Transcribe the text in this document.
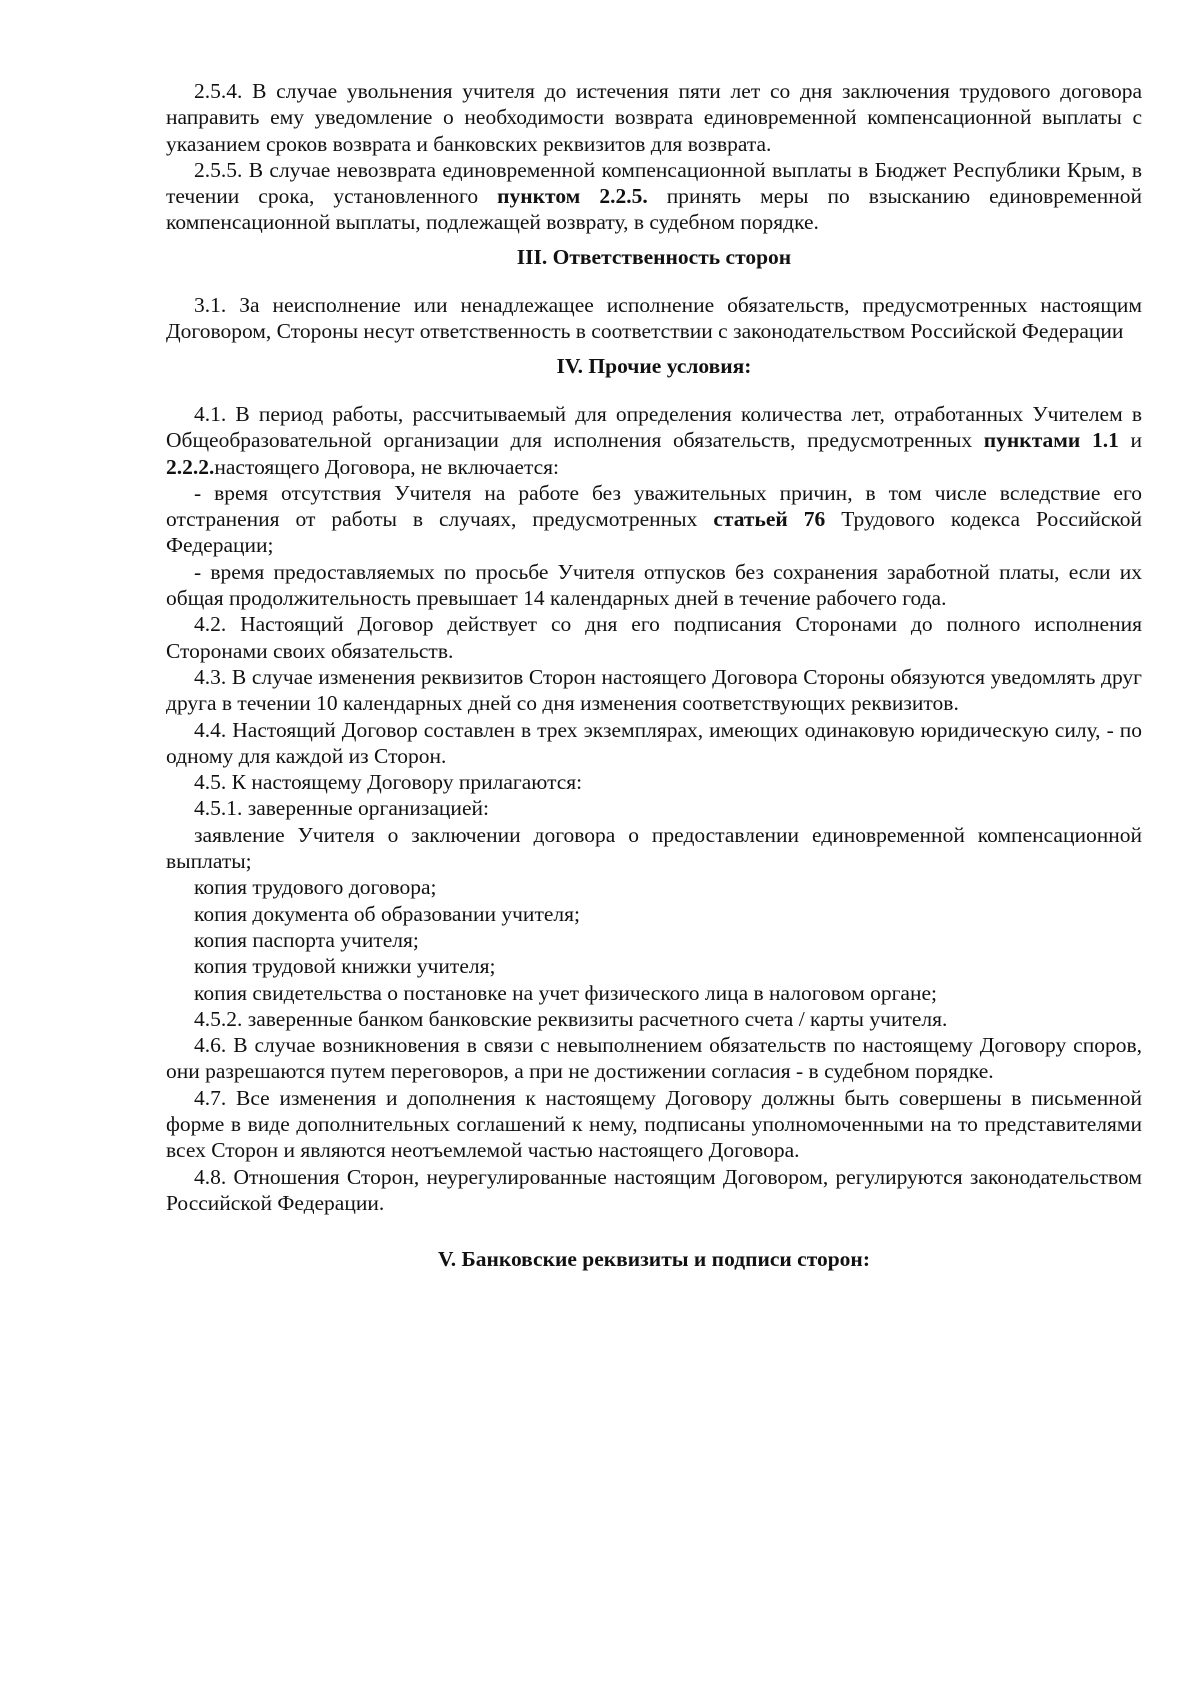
2.5.4. В случае увольнения учителя до истечения пяти лет со дня заключения трудового договора направить ему уведомление о необходимости возврата единовременной компенсационной выплаты с указанием сроков возврата и банковских реквизитов для возврата.

2.5.5. В случае невозврата единовременной компенсационной выплаты в Бюджет Республики Крым, в течении срока, установленного пунктом 2.2.5. принять меры по взысканию единовременной компенсационной выплаты, подлежащей возврату, в судебном порядке.

III. Ответственность сторон

3.1. За неисполнение или ненадлежащее исполнение обязательств, предусмотренных настоящим Договором, Стороны несут ответственность в соответствии с законодательством Российской Федерации

IV. Прочие условия:

4.1. В период работы, рассчитываемый для определения количества лет, отработанных Учителем в Общеобразовательной организации для исполнения обязательств, предусмотренных пунктами 1.1 и 2.2.2.настоящего Договора, не включается:

- время отсутствия Учителя на работе без уважительных причин, в том числе вследствие его отстранения от работы в случаях, предусмотренных статьей 76 Трудового кодекса Российской Федерации;

- время предоставляемых по просьбе Учителя отпусков без сохранения заработной платы, если их общая продолжительность превышает 14 календарных дней в течение рабочего года.

4.2. Настоящий Договор действует со дня его подписания Сторонами до полного исполнения Сторонами своих обязательств.

4.3. В случае изменения реквизитов Сторон настоящего Договора Стороны обязуются уведомлять друг друга в течении 10 календарных дней со дня изменения соответствующих реквизитов.

4.4. Настоящий Договор составлен в трех экземплярах, имеющих одинаковую юридическую силу, - по одному для каждой из Сторон.

4.5. К настоящему Договору прилагаются:

4.5.1. заверенные организацией:

заявление Учителя о заключении договора о предоставлении единовременной компенсационной выплаты;

копия трудового договора;

копия документа об образовании учителя;

копия паспорта учителя;

копия трудовой книжки учителя;

копия свидетельства о постановке на учет физического лица в налоговом органе;

4.5.2. заверенные банком банковские реквизиты расчетного счета / карты учителя.

4.6. В случае возникновения в связи с невыполнением обязательств по настоящему Договору споров, они разрешаются путем переговоров, а при не достижении согласия - в судебном порядке.

4.7. Все изменения и дополнения к настоящему Договору должны быть совершены в письменной форме в виде дополнительных соглашений к нему, подписаны уполномоченными на то представителями всех Сторон и являются неотъемлемой частью настоящего Договора.

4.8. Отношения Сторон, неурегулированные настоящим Договором, регулируются законодательством Российской Федерации.

V. Банковские реквизиты и подписи сторон:
